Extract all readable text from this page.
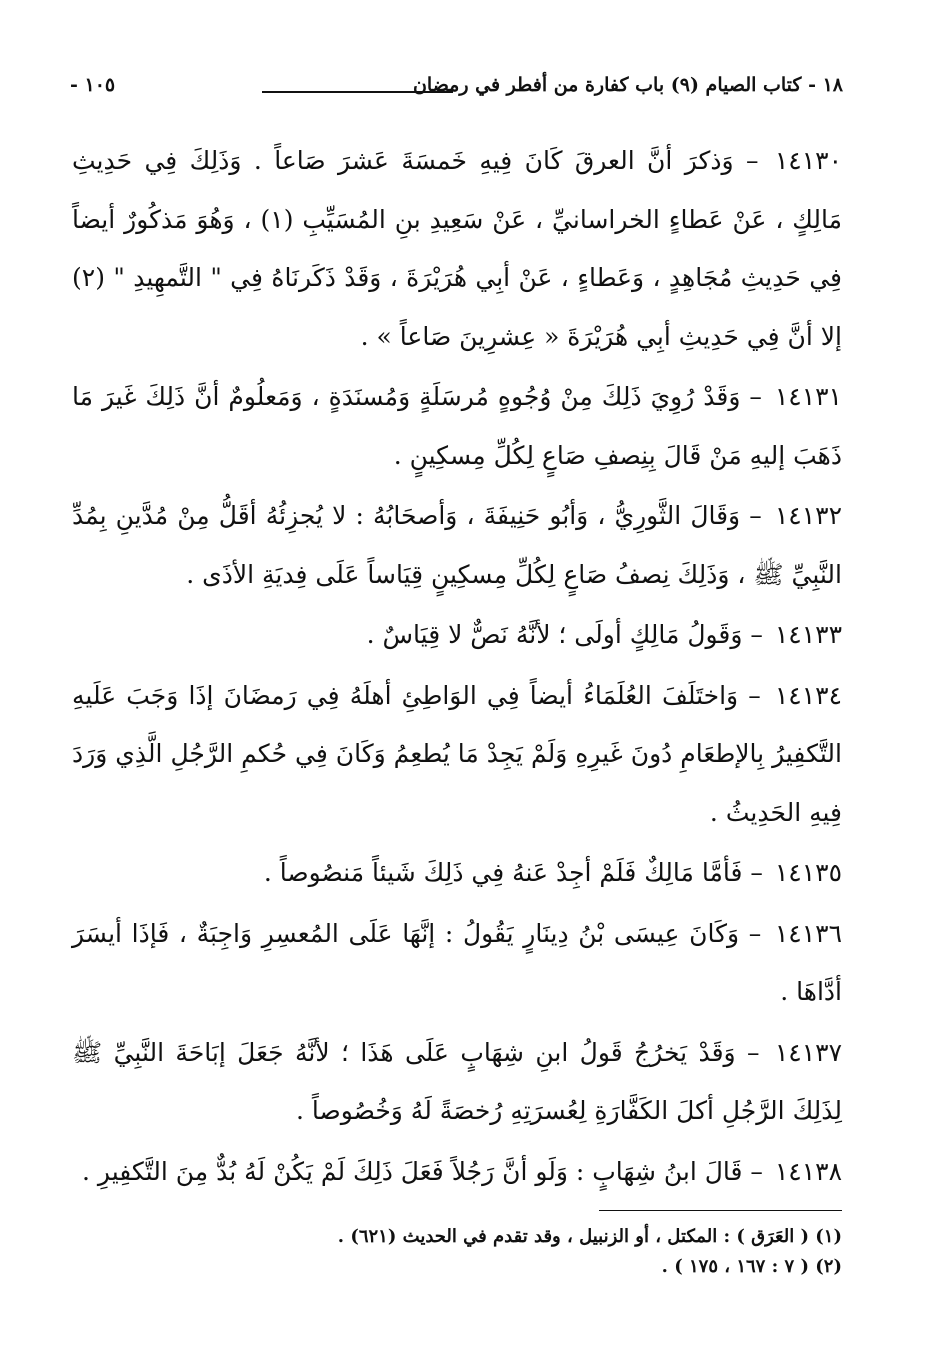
١٨ - كتاب الصيام (٩) باب كفارة من أفطر في رمضان
١٠٥ -

١٤١٣٠ – وَذكرَ أنَّ العرقَ كَانَ فِيهِ خَمسَةَ عَشرَ صَاعاً . وَذَلِكَ فِي حَدِيثِ مَالِكٍ ، عَنْ عَطاءٍ الخراسانيِّ ، عَنْ سَعِيدِ بنِ المُسَيِّبِ (١) ، وَهُوَ مَذكُورٌ أيضاً فِي حَدِيثِ مُجَاهِدٍ ، وَعَطاءٍ ، عَنْ أبِي هُرَيْرَةَ ، وَقَدْ ذَكَرنَاهُ فِي " التَّمهِيدِ " (٢) إلا أنَّ فِي حَدِيثِ أبِي هُرَيْرَةَ « عِشرِينَ صَاعاً » .

١٤١٣١ – وَقَدْ رُوِيَ ذَلِكَ مِنْ وُجُوهٍ مُرسَلَةٍ وَمُسنَدَةٍ ، وَمَعلُومٌ أنَّ ذَلِكَ غَيرَ مَا ذَهَبَ إليهِ مَنْ قَالَ بِنِصفِ صَاعٍ لِكُلِّ مِسكِينٍ .

١٤١٣٢ – وَقَالَ الثَّورِيُّ ، وَأبُو حَنِيفَةَ ، وَأصحَابُهُ : لا يُجزِئُهُ أقَلُّ مِنْ مُدَّينِ بِمُدِّ النَّبِيِّ ﷺ ، وَذَلِكَ نِصفُ صَاعٍ لِكُلِّ مِسكِينٍ قِيَاساً عَلَى فِديَةِ الأذَى .

١٤١٣٣ – وَقَولُ مَالِكٍ أولَى ؛ لأنَّهُ نَصٌّ لا قِيَاسٌ .

١٤١٣٤ – وَاختَلَفَ العُلَمَاءُ أيضاً فِي الوَاطِئِ أهلَهُ فِي رَمضَانَ إذَا وَجَبَ عَلَيهِ التَّكفِيرُ بِالإطعَامِ دُونَ غَيرِهِ وَلَمْ يَجِدْ مَا يُطعِمُ وَكَانَ فِي حُكمِ الرَّجُلِ الَّذِي وَرَدَ فِيهِ الحَدِيثُ .

١٤١٣٥ – فَأمَّا مَالِكٌ فَلَمْ أجِدْ عَنهُ فِي ذَلِكَ شَيئاً مَنصُوصاً .

١٤١٣٦ – وَكَانَ عِيسَى بْنُ دِينَارٍ يَقُولُ : إنَّهَا عَلَى المُعسِرِ وَاجِبَةٌ ، فَإذَا أيسَرَ أدَّاهَا .

١٤١٣٧ – وَقَدْ يَخرُجُ قَولُ ابنِ شِهَابٍ عَلَى هَذَا ؛ لأنَّهُ جَعَلَ إبَاحَةَ النَّبِيِّ ﷺ لِذَلِكَ الرَّجُلِ أكلَ الكَفَّارَةِ لِعُسرَتِهِ رُخصَةً لَهُ وَخُصُوصاً .

١٤١٣٨ – قَالَ ابنُ شِهَابٍ : وَلَو أنَّ رَجُلاً فَعَلَ ذَلِكَ لَمْ يَكُنْ لَهُ بُدٌّ مِنَ التَّكفِيرِ .

(١) ( العَرَق ) : المكتل ، أو الزنبيل ، وقد تقدم في الحديث (٦٢١) .
(٢) ( ٧ : ١٦٧ ، ١٧٥ ) .
